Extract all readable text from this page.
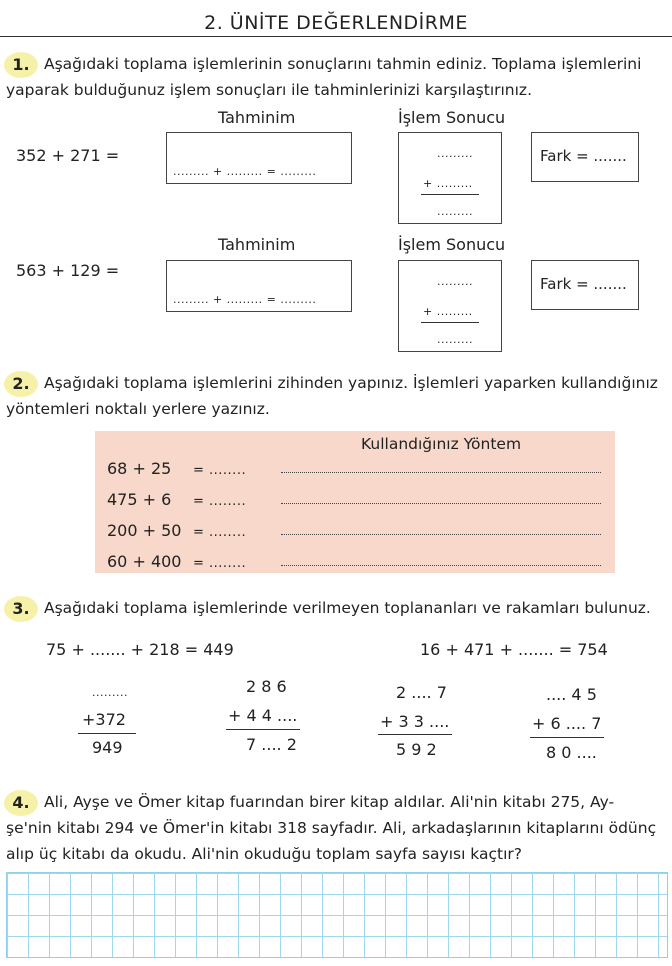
2. ÜNİTE DEĞERLENDİRME
1. Aşağıdaki toplama işlemlerinin sonuçlarını tahmin ediniz. Toplama işlemlerini
yaparak bulduğunuz işlem sonuçları ile tahminlerinizi karşılaştırınız.
Tahminim	İşlem Sonucu
352 + 271 =
......... + ......... = .........
.........
+ .........
.........
Fark = .......
Tahminim	İşlem Sonucu
563 + 129 =
......... + ......... = .........
.........
+ .........
.........
Fark = .......
2. Aşağıdaki toplama işlemlerini zihinden yapınız. İşlemleri yaparken kullandığınız
yöntemleri noktalı yerlere yazınız.
Kullandığınız Yöntem
68 + 25 = ........
475 + 6 = ........
200 + 50 = ........
60 + 400 = ........
3. Aşağıdaki toplama işlemlerinde verilmeyen toplananları ve rakamları bulunuz.
75 + ....... + 218 = 449	16 + 471 + ....... = 754
.........
+372
949
2 8 6
+ 4 4 ....
7 .... 2
2 .... 7
+ 3 3 ....
5 9 2
.... 4 5
+ 6 .... 7
8 0 ....
4. Ali, Ayşe ve Ömer kitap fuarından birer kitap aldılar. Ali'nin kitabı 275, Ay-
şe'nin kitabı 294 ve Ömer'in kitabı 318 sayfadır. Ali, arkadaşlarının kitaplarını ödünç
alıp üç kitabı da okudu. Ali'nin okuduğu toplam sayfa sayısı kaçtır?
